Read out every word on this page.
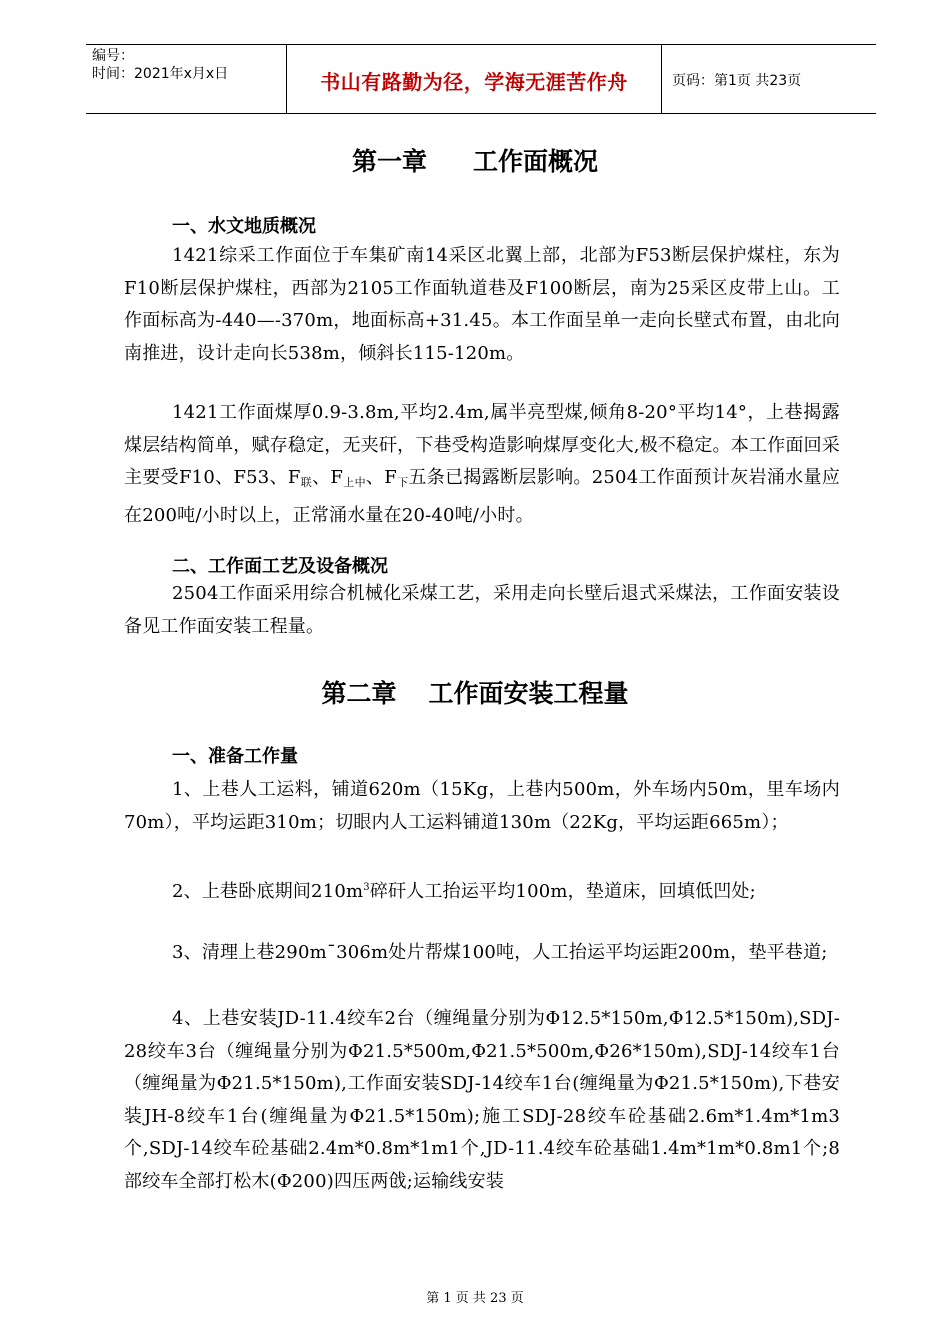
编号：
时间：2021年x月x日	书山有路勤为径，学海无涯苦作舟	页码：第1页 共23页
第一章 工作面概况
一、水文地质概况
1421综采工作面位于车集矿南14采区北翼上部，北部为F53断层保护煤柱，东为F10断层保护煤柱，西部为2105工作面轨道巷及F100断层，南为25采区皮带上山。工作面标高为-440—-370m，地面标高+31.45。本工作面呈单一走向长壁式布置，由北向南推进，设计走向长538m，倾斜长115-120m。
1421工作面煤厚0.9-3.8m,平均2.4m,属半亮型煤,倾角8-20°平均14°，上巷揭露煤层结构简单，赋存稳定，无夹矸，下巷受构造影响煤厚变化大,极不稳定。本工作面回采主要受F10、F53、$F_联$、$F_{上中}$、$F_下$五条已揭露断层影响。2504工作面预计灰岩涌水量应在200吨/小时以上，正常涌水量在20-40吨/小时。
二、工作面工艺及设备概况
2504工作面采用综合机械化采煤工艺，采用走向长壁后退式采煤法，工作面安装设备见工作面安装工程量。
第二章 工作面安装工程量
一、准备工作量
1、上巷人工运料，铺道620m（15Kg，上巷内500m，外车场内50m，里车场内70m），平均运距310m；切眼内人工运料铺道130m（22Kg，平均运距665m）；
2、上巷卧底期间$210m^3$碎矸人工抬运平均100m，垫道床，回填低凹处;
3、清理上巷290m¯306m处片帮煤100吨，人工抬运平均运距200m，垫平巷道;
4、上巷安装JD-11.4绞车2台（缠绳量分别为Φ12.5*150m,Φ12.5*150m),SDJ-28绞车3台（缠绳量分别为Φ21.5*500m,Φ21.5*500m,Φ26*150m),SDJ-14绞车1台（缠绳量为Φ21.5*150m),工作面安装SDJ-14绞车1台(缠绳量为Φ21.5*150m),下巷安装JH-8绞车1台(缠绳量为Φ21.5*150m);施工SDJ-28绞车砼基础2.6m*1.4m*1m3个,SDJ-14绞车砼基础2.4m*0.8m*1m1个,JD-11.4绞车砼基础1.4m*1m*0.8m1个;8部绞车全部打松木(Φ200)四压两戗;运输线安装
第 1 页 共 23 页
